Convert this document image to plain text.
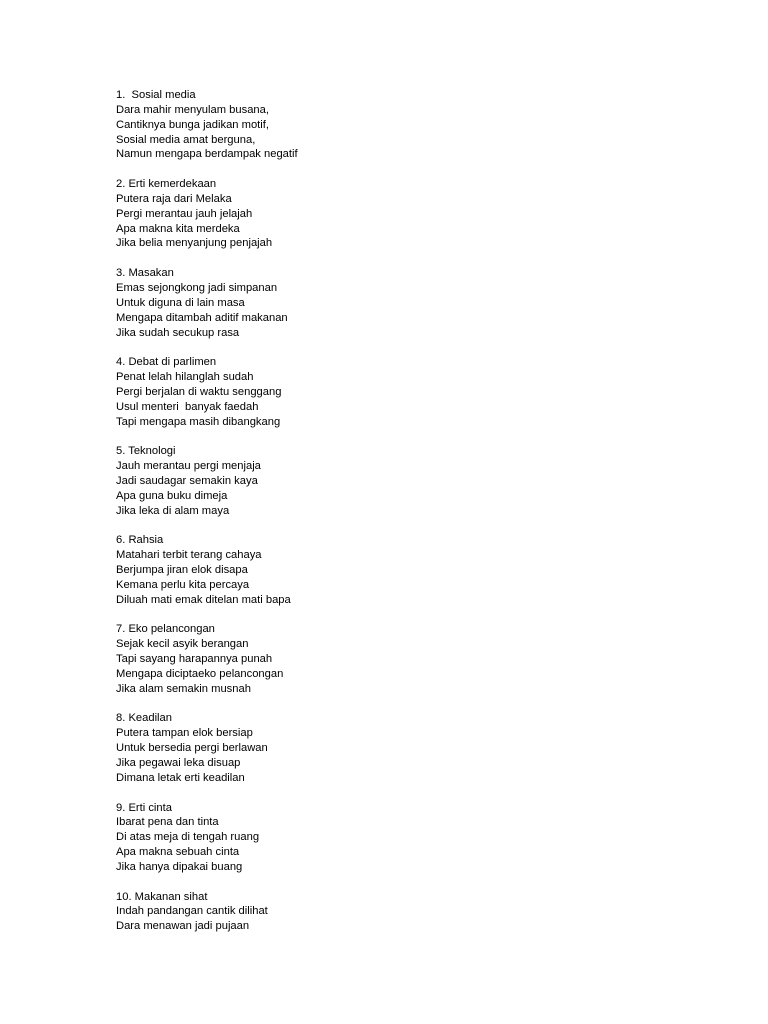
1.  Sosial media
Dara mahir menyulam busana,
Cantiknya bunga jadikan motif,
Sosial media amat berguna,
Namun mengapa berdampak negatif
2. Erti kemerdekaan
Putera raja dari Melaka
Pergi merantau jauh jelajah
Apa makna kita merdeka
Jika belia menyanjung penjajah
3. Masakan
Emas sejongkong jadi simpanan
Untuk diguna di lain masa
Mengapa ditambah aditif makanan
Jika sudah secukup rasa
4. Debat di parlimen
Penat lelah hilanglah sudah
Pergi berjalan di waktu senggang
Usul menteri  banyak faedah
Tapi mengapa masih dibangkang
5. Teknologi
Jauh merantau pergi menjaja
Jadi saudagar semakin kaya
Apa guna buku dimeja
Jika leka di alam maya
6. Rahsia
Matahari terbit terang cahaya
Berjumpa jiran elok disapa
Kemana perlu kita percaya
Diluah mati emak ditelan mati bapa
7. Eko pelancongan
Sejak kecil asyik berangan
Tapi sayang harapannya punah
Mengapa diciptaeko pelancongan
Jika alam semakin musnah
8. Keadilan
Putera tampan elok bersiap
Untuk bersedia pergi berlawan
Jika pegawai leka disuap
Dimana letak erti keadilan
9. Erti cinta
Ibarat pena dan tinta
Di atas meja di tengah ruang
Apa makna sebuah cinta
Jika hanya dipakai buang
10. Makanan sihat
Indah pandangan cantik dilihat
Dara menawan jadi pujaan
